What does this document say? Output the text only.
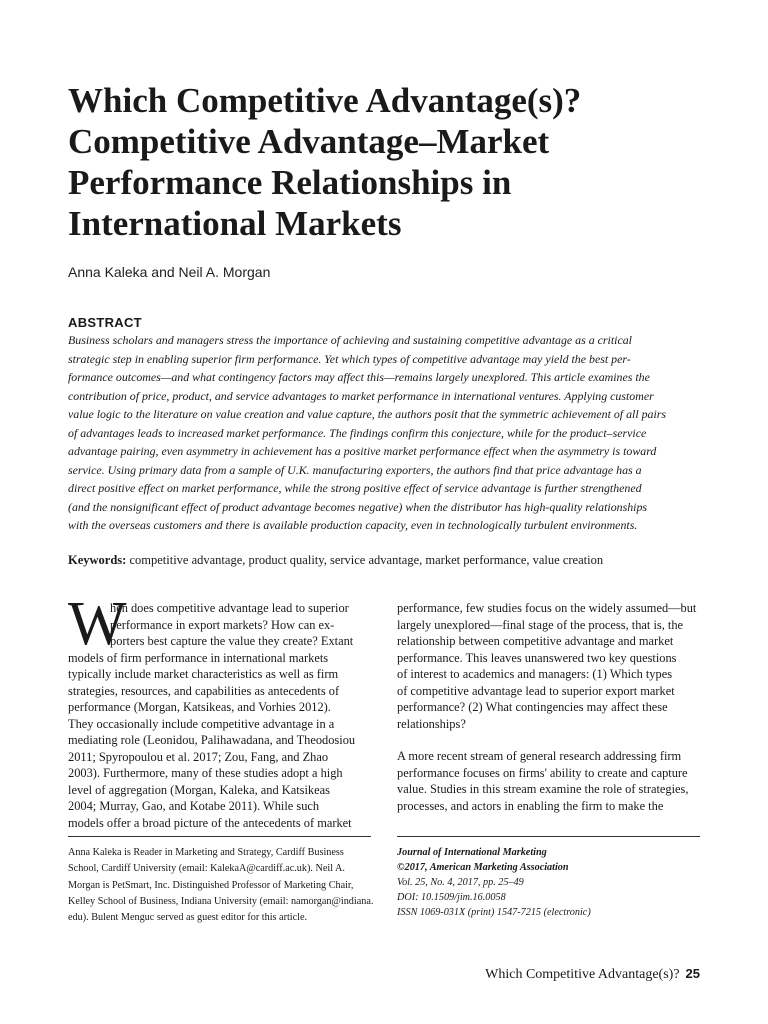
Which Competitive Advantage(s)?
Competitive Advantage–Market
Performance Relationships in
International Markets
Anna Kaleka and Neil A. Morgan
ABSTRACT
Business scholars and managers stress the importance of achieving and sustaining competitive advantage as a critical
strategic step in enabling superior firm performance. Yet which types of competitive advantage may yield the best per-
formance outcomes—and what contingency factors may affect this—remains largely unexplored. This article examines the
contribution of price, product, and service advantages to market performance in international ventures. Applying customer
value logic to the literature on value creation and value capture, the authors posit that the symmetric achievement of all pairs
of advantages leads to increased market performance. The findings confirm this conjecture, while for the product–service
advantage pairing, even asymmetry in achievement has a positive market performance effect when the asymmetry is toward
service. Using primary data from a sample of U.K. manufacturing exporters, the authors find that price advantage has a
direct positive effect on market performance, while the strong positive effect of service advantage is further strengthened
(and the nonsignificant effect of product advantage becomes negative) when the distributor has high-quality relationships
with the overseas customers and there is available production capacity, even in technologically turbulent environments.
Keywords: competitive advantage, product quality, service advantage, market performance, value creation
W
hen does competitive advantage lead to superior
performance in export markets? How can ex-
porters best capture the value they create? Extant
models of firm performance in international markets
typically include market characteristics as well as firm
strategies, resources, and capabilities as antecedents of
performance (Morgan, Katsikeas, and Vorhies 2012).
They occasionally include competitive advantage in a
mediating role (Leonidou, Palihawadana, and Theodosiou
2011; Spyropoulou et al. 2017; Zou, Fang, and Zhao
2003). Furthermore, many of these studies adopt a high
level of aggregation (Morgan, Kaleka, and Katsikeas
2004; Murray, Gao, and Kotabe 2011). While such
models offer a broad picture of the antecedents of market
performance, few studies focus on the widely assumed—but
largely unexplored—final stage of the process, that is, the
relationship between competitive advantage and market
performance. This leaves unanswered two key questions
of interest to academics and managers: (1) Which types
of competitive advantage lead to superior export market
performance? (2) What contingencies may affect these
relationships?
A more recent stream of general research addressing firm
performance focuses on firms' ability to create and capture
value. Studies in this stream examine the role of strategies,
processes, and actors in enabling the firm to make the
Anna Kaleka is Reader in Marketing and Strategy, Cardiff Business
School, Cardiff University (email: KalekaA@cardiff.ac.uk). Neil A.
Morgan is PetSmart, Inc. Distinguished Professor of Marketing Chair,
Kelley School of Business, Indiana University (email: namorgan@indiana.
edu). Bulent Menguc served as guest editor for this article.
Journal of International Marketing
©2017, American Marketing Association
Vol. 25, No. 4, 2017, pp. 25–49
DOI: 10.1509/jim.16.0058
ISSN 1069-031X (print) 1547-7215 (electronic)
Which Competitive Advantage(s)? 25
